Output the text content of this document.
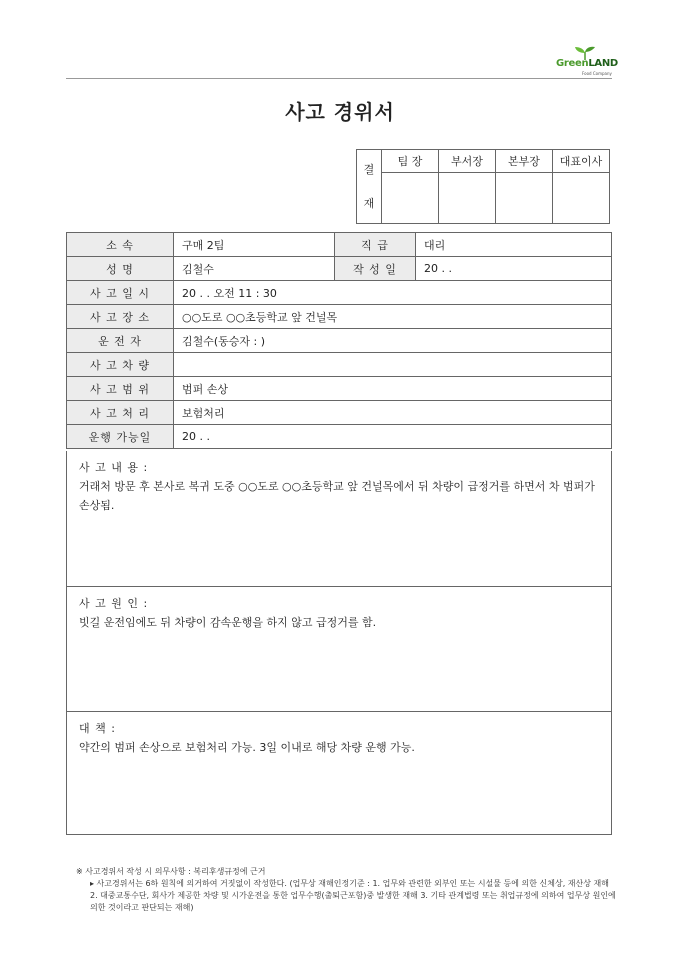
GreenLAND
Food Company
사고 경위서
결
재	팀 장	부서장	본부장	대표이사

소 속	구매 2팀	직 급	대리
성 명	김철수	작 성 일	20 . .
사 고 일 시	20 . . 오전 11 : 30		
사 고 장 소	○○도로 ○○초등학교 앞 건널목		
운 전 자	김철수(동승자 : )		
사 고 차 량			
사 고 범 위	범퍼 손상		
사 고 처 리	보험처리		
운행 가능일	20 . .		
사 고 내 용 :
거래처 방문 후 본사로 복귀 도중 ○○도로 ○○초등학교 앞 건널목에서 뒤 차량이 급정거를 하면서 차 범퍼가 손상됨.
사 고 원 인 :
빗길 운전임에도 뒤 차량이 감속운행을 하지 않고 급정거를 함.
대 책 :
약간의 범퍼 손상으로 보험처리 가능. 3일 이내로 해당 차량 운행 가능.
※ 사고경위서 작성 시 의무사항 : 복리후생규정에 근거
▸ 사고경위서는 6하 원칙에 의거하여 거짓없이 작성한다. (업무상 재해인정기준 : 1. 업무와 관련한 외부인 또는 시설물 등에 의한 신체상, 재산상 재해 2. 대중교통수단, 회사가 제공한 차량 및 시가운전을 통한 업무수행(출퇴근포함)중 발생한 재해 3. 기타 관계법령 또는 취업규정에 의하여 업무상 원인에 의한 것이라고 판단되는 재해)
